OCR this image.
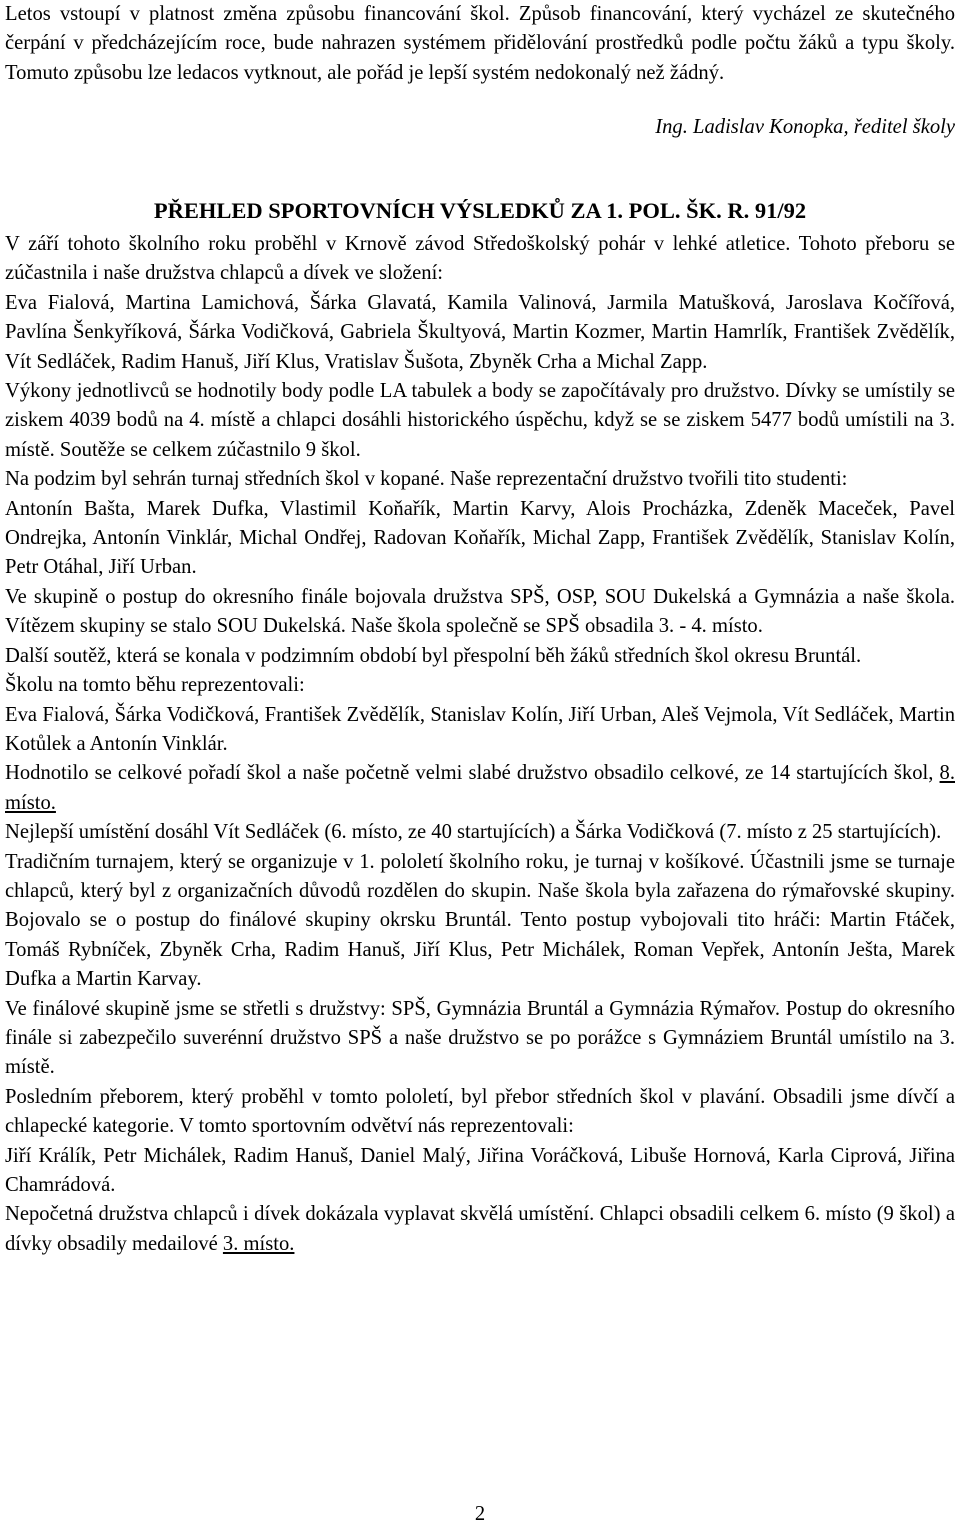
Letos vstoupí v platnost změna způsobu financování škol. Způsob financování, který vycházel ze skutečného čerpání v předcházejícím roce, bude nahrazen systémem přidělování prostředků podle počtu žáků a typu školy. Tomuto způsobu lze ledacos vytknout, ale pořád je lepší systém nedokonalý než žádný.

Ing. Ladislav Konopka, ředitel školy

PŘEHLED SPORTOVNÍCH VÝSLEDKŮ ZA 1. POL. ŠK. R. 91/92

V září tohoto školního roku proběhl v Krnově závod Středoškolský pohár v lehké atletice. Tohoto přeboru se zúčastnila i naše družstva chlapců a dívek ve složení:

Eva Fialová, Martina Lamichová, Šárka Glavatá, Kamila Valinová, Jarmila Matušková, Jaroslava Kočířová, Pavlína Šenkyříková, Šárka Vodičková, Gabriela Škultyová, Martin Kozmer, Martin Hamrlík, František Zvědělík, Vít Sedláček, Radim Hanuš, Jiří Klus, Vratislav Šušota, Zbyněk Crha a Michal Zapp.

Výkony jednotlivců se hodnotily body podle LA tabulek a body se započítávaly pro družstvo. Dívky se umístily se ziskem 4039 bodů na 4. místě a chlapci dosáhli historického úspěchu, když se se ziskem 5477 bodů umístili na 3. místě. Soutěže se celkem zúčastnilo 9 škol.

Na podzim byl sehrán turnaj středních škol v kopané. Naše reprezentační družstvo tvořili tito studenti:

Antonín Bašta, Marek Dufka, Vlastimil Koňařík, Martin Karvy, Alois Procházka, Zdeněk Maceček, Pavel Ondrejka, Antonín Vinklár, Michal Ondřej, Radovan Koňařík, Michal Zapp, František Zvědělík, Stanislav Kolín, Petr Otáhal, Jiří Urban.

Ve skupině o postup do okresního finále bojovala družstva SPŠ, OSP, SOU Dukelská a Gymnázia a naše škola. Vítězem skupiny se stalo SOU Dukelská. Naše škola společně se SPŠ obsadila 3. - 4. místo.

Další soutěž, která se konala v podzimním období byl přespolní běh žáků středních škol okresu Bruntál.

Školu na tomto běhu reprezentovali:

Eva Fialová, Šárka Vodičková, František Zvědělík, Stanislav Kolín, Jiří Urban, Aleš Vejmola, Vít Sedláček, Martin Kotůlek a Antonín Vinklár.

Hodnotilo se celkové pořadí škol a naše početně velmi slabé družstvo obsadilo celkové, ze 14 startujících škol, 8. místo.

Nejlepší umístění dosáhl Vít Sedláček (6. místo, ze 40 startujících) a Šárka Vodičková (7. místo z 25 startujících).

Tradičním turnajem, který se organizuje v 1. pololetí školního roku, je turnaj v košíkové. Účastnili jsme se turnaje chlapců, který byl z organizačních důvodů rozdělen do skupin. Naše škola byla zařazena do rýmařovské skupiny. Bojovalo se o postup do finálové skupiny okrsku Bruntál. Tento postup vybojovali tito hráči: Martin Ftáček, Tomáš Rybníček, Zbyněk Crha, Radim Hanuš, Jiří Klus, Petr Michálek, Roman Vepřek, Antonín Ješta, Marek Dufka a Martin Karvay.

Ve finálové skupině jsme se střetli s družstvy: SPŠ, Gymnázia Bruntál a Gymnázia Rýmařov. Postup do okresního finále si zabezpečilo suverénní družstvo SPŠ a naše družstvo se po porážce s Gymnáziem Bruntál umístilo na 3. místě.

Posledním přeborem, který proběhl v tomto pololetí, byl přebor středních škol v plavání. Obsadili jsme dívčí a chlapecké kategorie. V tomto sportovním odvětví nás reprezentovali:

Jiří Králík, Petr Michálek, Radim Hanuš, Daniel Malý, Jiřina Voráčková, Libuše Hornová, Karla Ciprová, Jiřina Chamrádová.

Nepočetná družstva chlapců i dívek dokázala vyplavat skvělá umístění. Chlapci obsadili celkem 6. místo (9 škol) a dívky obsadily medailové 3. místo.

2
